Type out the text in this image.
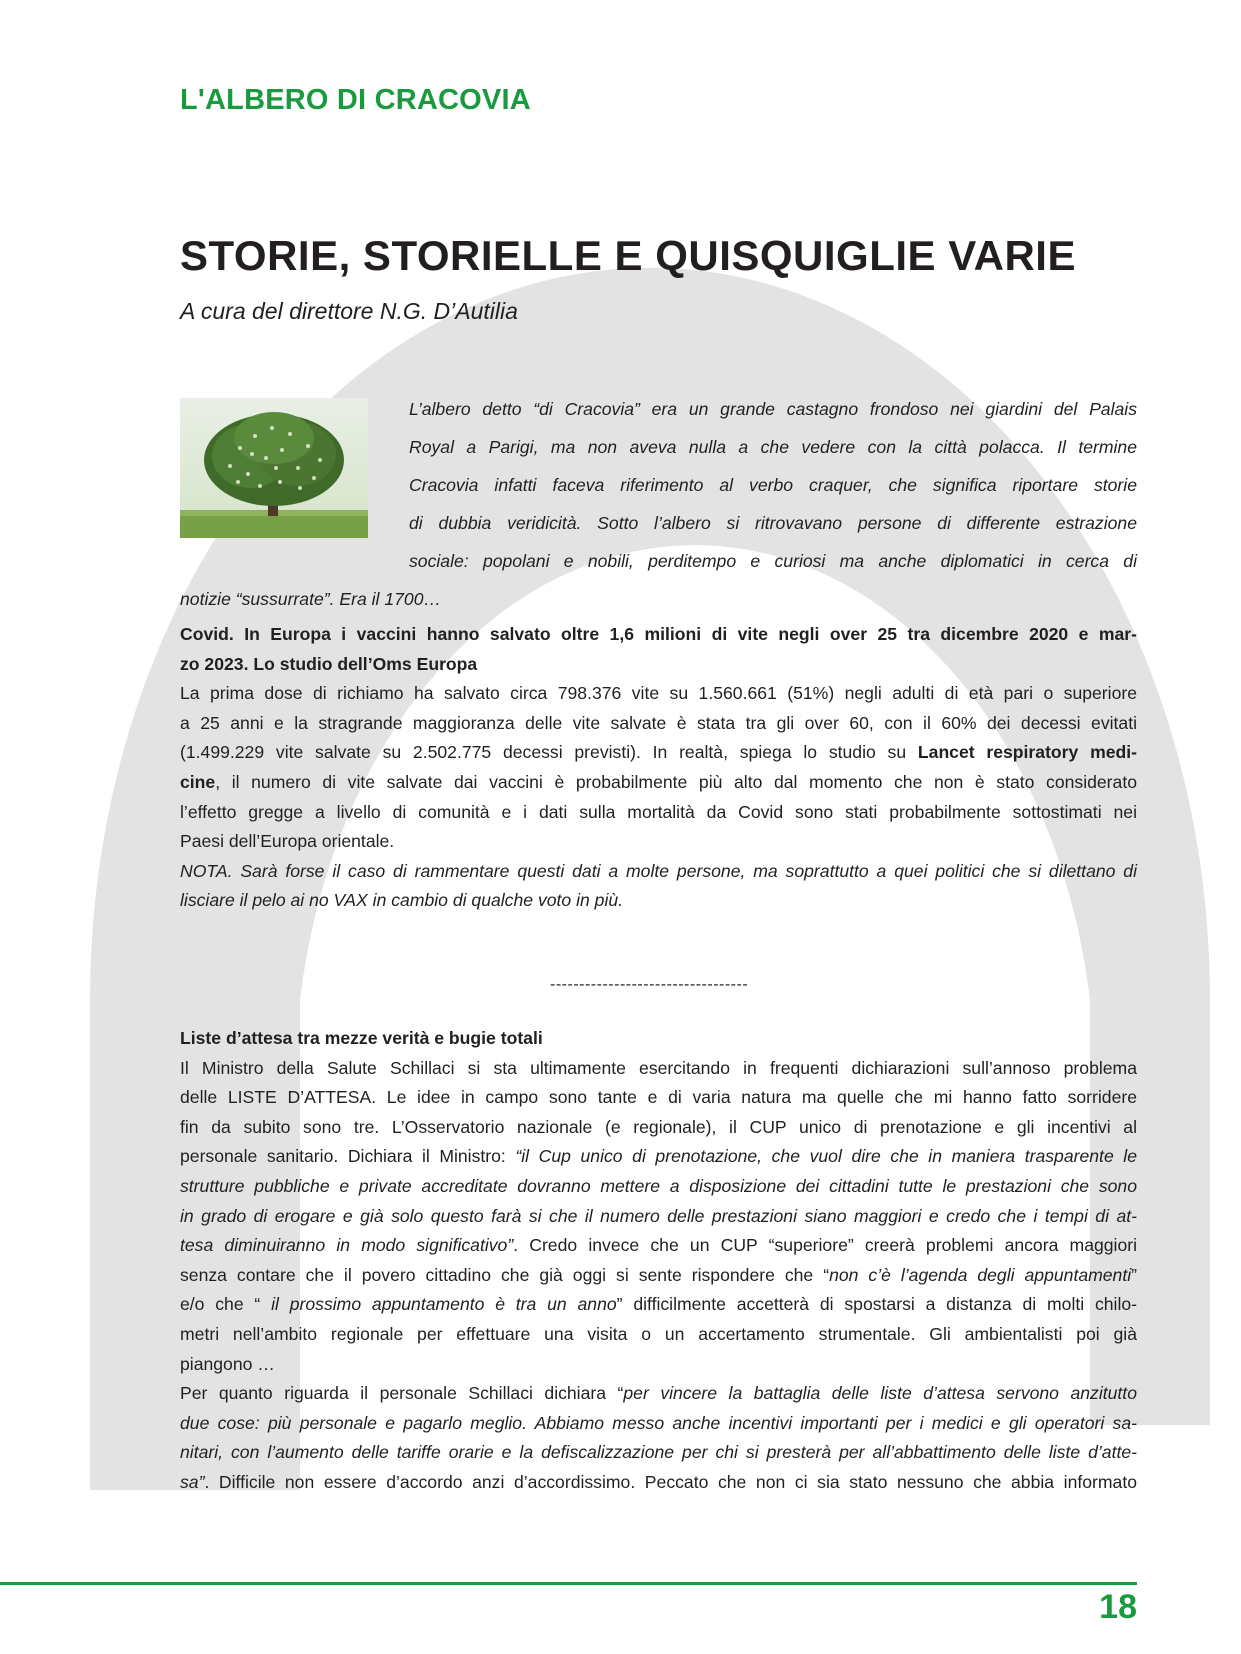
L'ALBERO DI CRACOVIA
STORIE, STORIELLE E QUISQUIGLIE VARIE
A cura del direttore N.G. D’Autilia
L’albero detto “di Cracovia” era un grande castagno frondoso nei giardini del Palais
Royal a Parigi, ma non aveva nulla a che vedere con la città polacca. Il termine
Cracovia infatti faceva riferimento al verbo craquer, che significa riportare storie
di dubbia veridicità. Sotto l’albero si ritrovavano persone di differente estrazione
sociale: popolani e nobili, perditempo e curiosi ma anche diplomatici in cerca di
notizie “sussurrate”. Era il 1700…
Covid. In Europa i vaccini hanno salvato oltre 1,6 milioni di vite negli over 25 tra dicembre 2020 e mar-
zo 2023. Lo studio dell’Oms Europa
La prima dose di richiamo ha salvato circa 798.376 vite su 1.560.661 (51%) negli adulti di età pari o superiore
a 25 anni e la stragrande maggioranza delle vite salvate è stata tra gli over 60, con il 60% dei decessi evitati
(1.499.229 vite salvate su 2.502.775 decessi previsti). In realtà, spiega lo studio su Lancet respiratory medi-
cine, il numero di vite salvate dai vaccini è probabilmente più alto dal momento che non è stato considerato
l’effetto gregge a livello di comunità e i dati sulla mortalità da Covid sono stati probabilmente sottostimati nei
Paesi dell’Europa orientale.
NOTA. Sarà forse il caso di rammentare questi dati a molte persone, ma soprattutto a quei politici che si dilettano di
lisciare il pelo ai no VAX in cambio di qualche voto in più.
----------------------------------
Liste d’attesa tra mezze verità e bugie totali
Il Ministro della Salute Schillaci si sta ultimamente esercitando in frequenti dichiarazioni sull’annoso problema
delle LISTE D’ATTESA. Le idee in campo sono tante e di varia natura ma quelle che mi hanno fatto sorridere
fin da subito sono tre. L’Osservatorio nazionale (e regionale), il CUP unico di prenotazione e gli incentivi al
personale sanitario. Dichiara il Ministro: “il Cup unico di prenotazione, che vuol dire che in maniera trasparente le
strutture pubbliche e private accreditate dovranno mettere a disposizione dei cittadini tutte le prestazioni che sono
in grado di erogare e già solo questo farà si che il numero delle prestazioni siano maggiori e credo che i tempi di at-
tesa diminuiranno in modo significativo”. Credo invece che un CUP “superiore” creerà problemi ancora maggiori
senza contare che il povero cittadino che già oggi si sente rispondere che “non c’è l’agenda degli appuntamenti”
e/o che “ il prossimo appuntamento è tra un anno” difficilmente accetterà di spostarsi a distanza di molti chilo-
metri nell’ambito regionale per effettuare una visita o un accertamento strumentale. Gli ambientalisti poi già
piangono …
Per quanto riguarda il personale Schillaci dichiara “per vincere la battaglia delle liste d’attesa servono anzitutto
due cose: più personale e pagarlo meglio. Abbiamo messo anche incentivi importanti per i medici e gli operatori sa-
nitari, con l’aumento delle tariffe orarie e la defiscalizzazione per chi si presterà per all’abbattimento delle liste d’atte-
sa”. Difficile non essere d’accordo anzi d’accordissimo. Peccato che non ci sia stato nessuno che abbia informato
18
